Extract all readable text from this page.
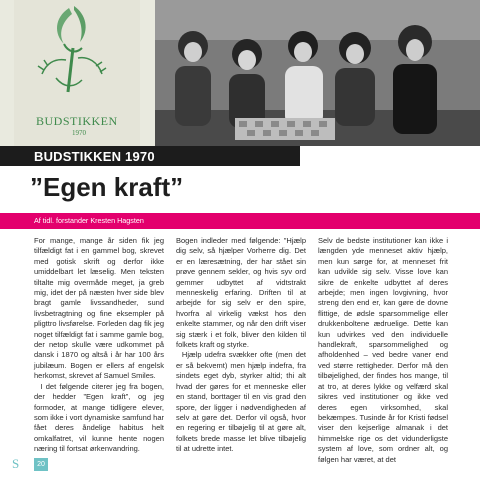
BUDSTIKKEN
1970
BUDSTIKKEN 1970
”Egen kraft”
Af tidl. forstander Kresten Hagsten

For mange, mange år siden fik jeg tilfældigt fat i en gammel bog, skrevet med gotisk skrift og derfor ikke umiddelbart let læselig. Men teksten tiltalte mig overmåde meget, ja greb mig, idet der på næsten hver side blev bragt gamle livssandheder, sund livsbetragtning og fine eksempler på pligttro livsførelse. Forleden dag fik jeg noget tilfældigt fat i samme gamle bog, der netop skulle være udkommet på dansk i 1870 og altså i år har 100 års jubilæum. Bogen er ellers af engelsk herkomst, skrevet af Samuel Smiles.
I det følgende citerer jeg fra bogen, der hedder ”Egen kraft”, og jeg formoder, at mange tidligere elever, som ikke i vort dynamiske samfund har fået deres åndelige habitus helt omkalfatret, vil kunne hente nogen næring til fortsat ørkenvandring.

Bogen indleder med følgende: ”Hjælp dig selv, så hjælper Vorherre dig. Det er en læresætning, der har stået sin prøve gennem sekler, og hvis syv ord gemmer udbyttet af vidtstrakt menneskelig erfaring. Driften til at arbejde for sig selv er den spire, hvorfra al virkelig vækst hos den enkelte stammer, og når den drift viser sig stærk i et folk, bliver den kilden til folkets kraft og styrke.
Hjælp udefra svækker ofte (men det er så bekvemt) men hjælp indefra, fra sindets eget dyb, styrker altid; thi alt hvad der gøres for et menneske eller en stand, borttager til en vis grad den spore, der ligger i nødvendigheden af selv at gøre det. Derfor vil også, hvor en regering er tilbøjelig til at gøre alt, folkets brede masse let blive tilbøjelig til at udrette intet.

Selv de bedste institutioner kan ikke i længden yde menneset aktiv hjælp, men kun sørge for, at menneset frit kan udvikle sig selv. Visse love kan sikre de enkelte udbyttet af deres arbejde; men ingen lovgivning, hvor streng den end er, kan gøre de dovne flittige, de ødsle sparsommelige eller drukkenboltene ædruelige. Dette kan kun udvirkes ved den individuelle handlekraft, sparsommelighed og afholdenhed – ved bedre vaner end ved større rettigheder. Derfor må den tilbøjelighed, der findes hos mange, til at tro, at deres lykke og velfærd skal sikres ved institutioner og ikke ved deres egen virksomhed, skal bekæmpes. Tusinde år for Kristi fødsel viser den kejserlige almanak i det himmelske rige os det vidunderligste system af love, som ordner alt, og følgen har været, at det

S	20
